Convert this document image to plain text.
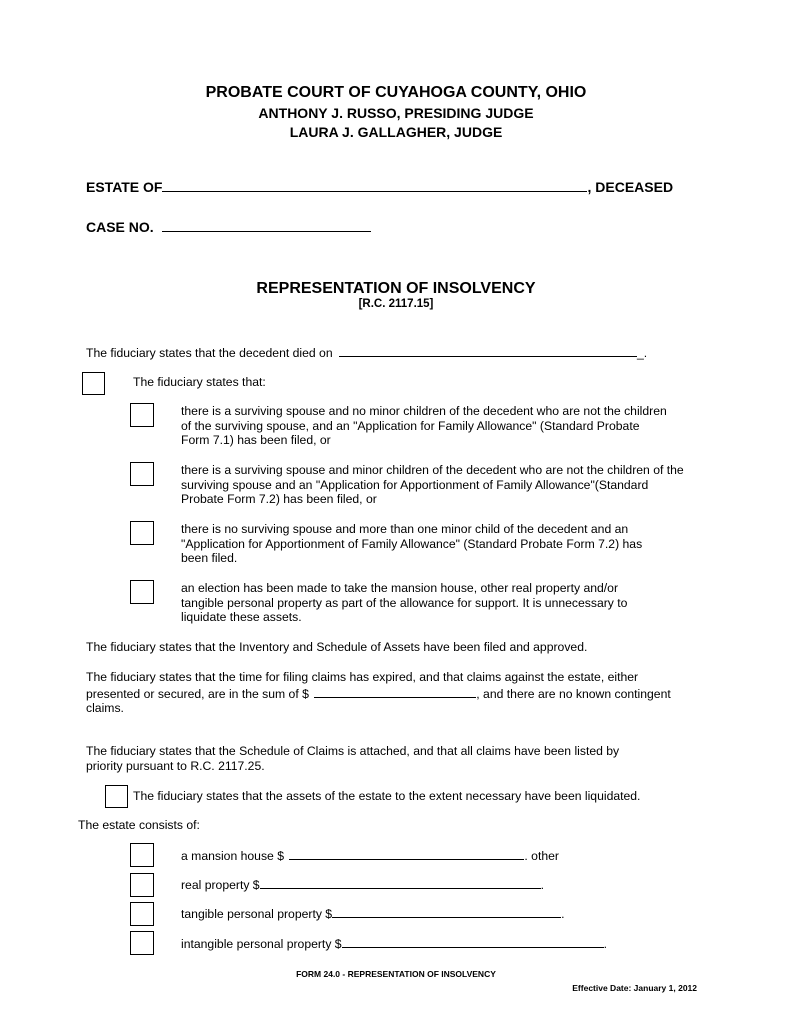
PROBATE COURT OF CUYAHOGA COUNTY, OHIO
ANTHONY J. RUSSO, PRESIDING JUDGE
LAURA J. GALLAGHER, JUDGE
ESTATE OF	, DECEASED
CASE NO.
REPRESENTATION OF INSOLVENCY
[R.C. 2117.15]
The fiduciary states that the decedent died on	_.
The fiduciary states that:
there is a surviving spouse and no minor children of the decedent who are not the children
of the surviving spouse, and an "Application for Family Allowance" (Standard Probate
Form 7.1) has been filed, or
there is a surviving spouse and minor children of the decedent who are not the children of the
surviving spouse and an "Application for Apportionment of Family Allowance"(Standard
Probate Form 7.2) has been filed, or
there is no surviving spouse and more than one minor child of the decedent and an
"Application for Apportionment of Family Allowance" (Standard Probate Form 7.2) has
been filed.
an election has been made to take the mansion house, other real property and/or
tangible personal property as part of the allowance for support. It is unnecessary to
liquidate these assets.
The fiduciary states that the Inventory and Schedule of Assets have been filed and approved.
The fiduciary states that the time for filing claims has expired, and that claims against the estate, either
presented or secured, are in the sum of $	, and there are no known contingent
claims.
The fiduciary states that the Schedule of Claims is attached, and that all claims have been listed by
priority pursuant to R.C. 2117.25.
The fiduciary states that the assets of the estate to the extent necessary have been liquidated.
The estate consists of:
a mansion house $	. other
real property $	.
tangible personal property $	.
intangible personal property $	.
FORM 24.0 - REPRESENTATION OF INSOLVENCY
Effective Date: January 1, 2012
